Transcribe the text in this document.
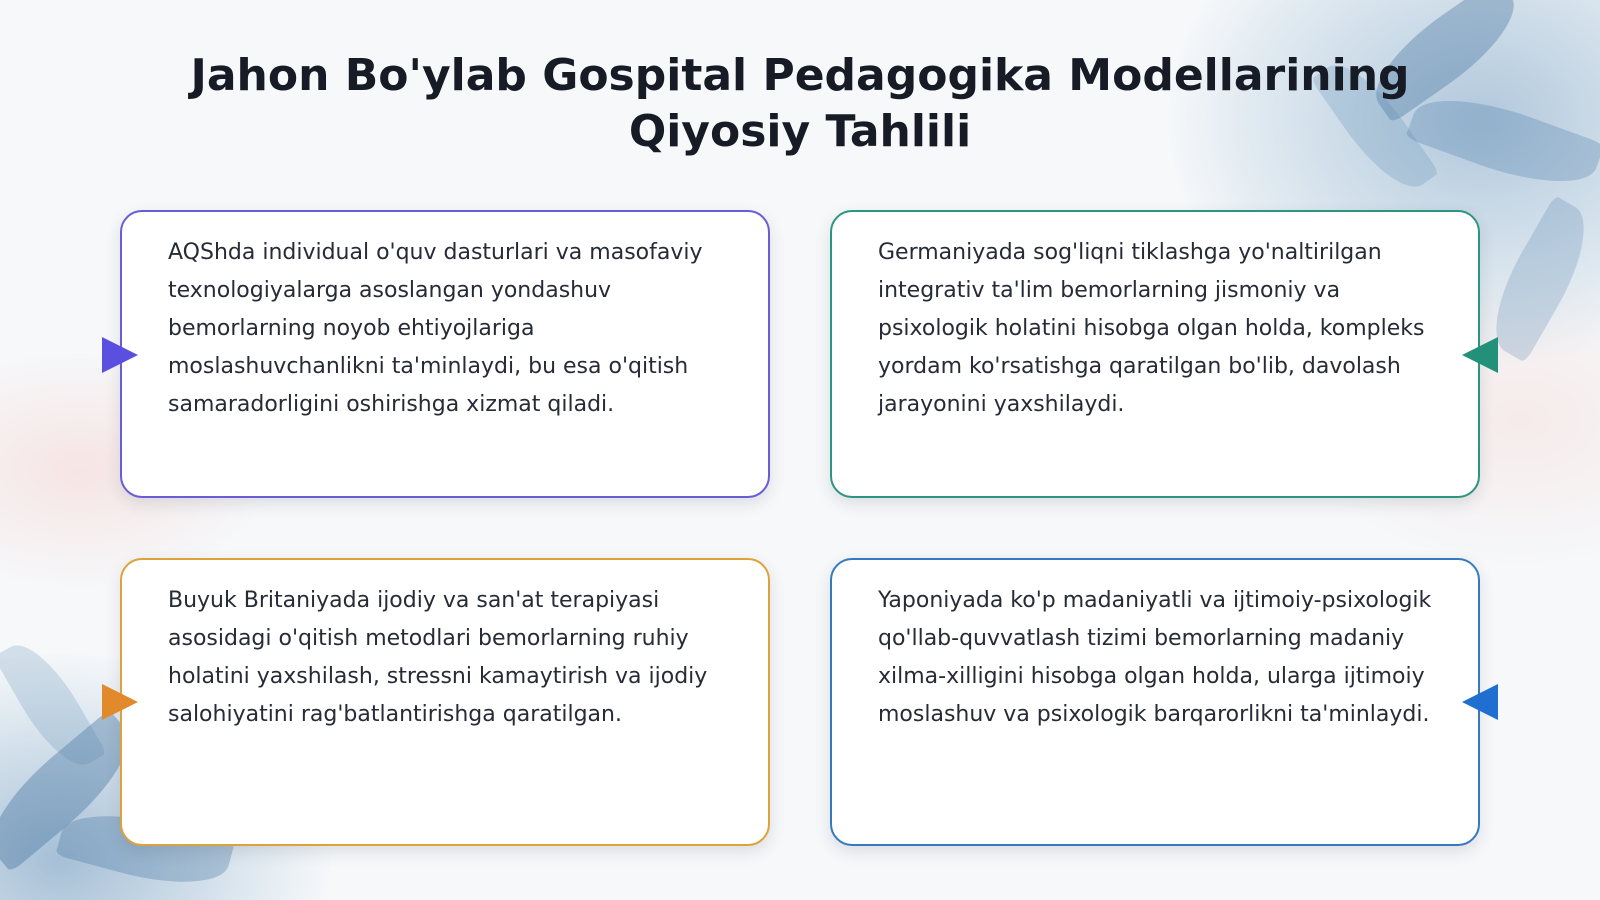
Jahon Bo'ylab Gospital Pedagogika Modellarining Qiyosiy Tahlili

AQShda individual o'quv dasturlari va masofaviy texnologiyalarga asoslangan yondashuv bemorlarning noyob ehtiyojlariga moslashuvchanlikni ta'minlaydi, bu esa o'qitish samaradorligini oshirishga xizmat qiladi.

Germaniyada sog'liqni tiklashga yo'naltirilgan integrativ ta'lim bemorlarning jismoniy va psixologik holatini hisobga olgan holda, kompleks yordam ko'rsatishga qaratilgan bo'lib, davolash jarayonini yaxshilaydi.

Buyuk Britaniyada ijodiy va san'at terapiyasi asosidagi o'qitish metodlari bemorlarning ruhiy holatini yaxshilash, stressni kamaytirish va ijodiy salohiyatini rag'batlantirishga qaratilgan.

Yaponiyada ko'p madaniyatli va ijtimoiy-psixologik qo'llab-quvvatlash tizimi bemorlarning madaniy xilma-xilligini hisobga olgan holda, ularga ijtimoiy moslashuv va psixologik barqarorlikni ta'minlaydi.
